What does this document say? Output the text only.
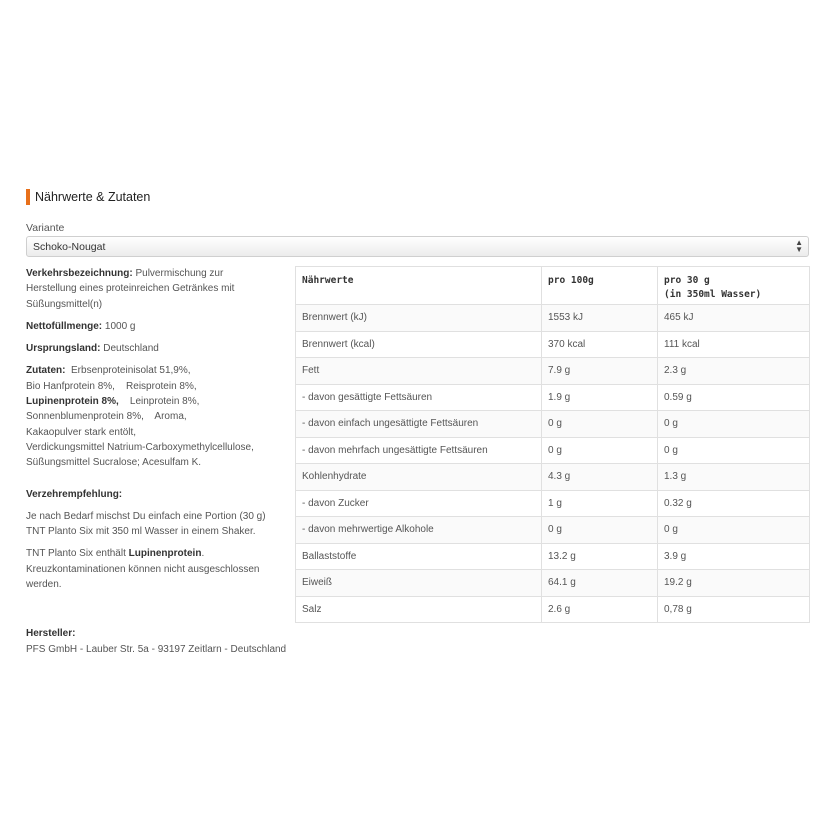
Nährwerte & Zutaten
Variante
Schoko-Nougat	▲
▼

Verkehrsbezeichnung: Pulvermischung zur Herstellung eines proteinreichen Getränkes mit Süßungsmittel(n)

Nettofüllmenge: 1000 g

Ursprungsland: Deutschland

Zutaten:  Erbsenproteinisolat 51,9%,
Bio Hanfprotein 8%,    Reisprotein 8%,
Lupinenprotein 8%,    Leinprotein 8%,
Sonnenblumenprotein 8%,    Aroma,
Kakaopulver stark entölt,
Verdickungsmittel Natrium-Carboxymethylcellulose,
Süßungsmittel Sucralose; Acesulfam K.

Verzehrempfehlung:

Je nach Bedarf mischst Du einfach eine Portion (30 g) TNT Planto Six mit 350 ml Wasser in einem Shaker.

TNT Planto Six enthält Lupinenprotein. Kreuzkontaminationen können nicht ausgeschlossen werden.

Nährwerte	pro 100g	pro 30 g
(in 350ml Wasser)
Brennwert (kJ)	1553 kJ	465 kJ
Brennwert (kcal)	370 kcal	111 kcal
Fett	7.9 g	2.3 g
- davon gesättigte Fettsäuren	1.9 g	0.59 g
- davon einfach ungesättigte Fettsäuren	0 g	0 g
- davon mehrfach ungesättigte Fettsäuren	0 g	0 g
Kohlenhydrate	4.3 g	1.3 g
- davon Zucker	1 g	0.32 g
- davon mehrwertige Alkohole	0 g	0 g
Ballaststoffe	13.2 g	3.9 g
Eiweiß	64.1 g	19.2 g
Salz	2.6 g	0,78 g
Hersteller:
PFS GmbH - Lauber Str. 5a - 93197 Zeitlarn - Deutschland
